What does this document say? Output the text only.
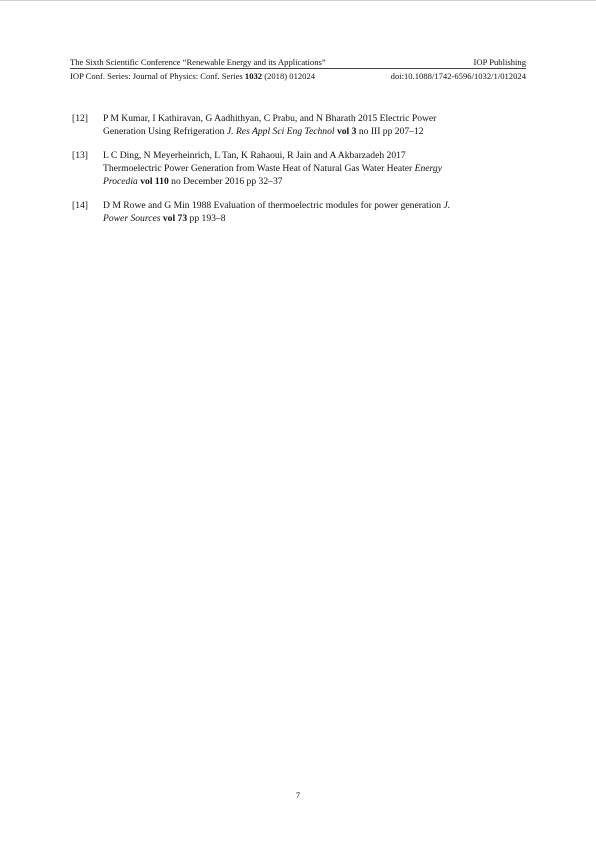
The Sixth Scientific Conference “Renewable Energy and its Applications”	IOP Publishing
IOP Conf. Series: Journal of Physics: Conf. Series 1032 (2018) 012024	doi:10.1088/1742-6596/1032/1/012024
[12] P M Kumar, I Kathiravan, G Aadhithyan, C Prabu, and N Bharath 2015 Electric Power
Generation Using Refrigeration J. Res Appl Sci Eng Technol vol 3 no III pp 207–12
[13] L C Ding, N Meyerheinrich, L Tan, K Rahaoui, R Jain and A Akbarzadeh 2017
Thermoelectric Power Generation from Waste Heat of Natural Gas Water Heater Energy
Procedia vol 110 no December 2016 pp 32–37
[14] D M Rowe and G Min 1988 Evaluation of thermoelectric modules for power generation J.
Power Sources vol 73 pp 193–8
7
